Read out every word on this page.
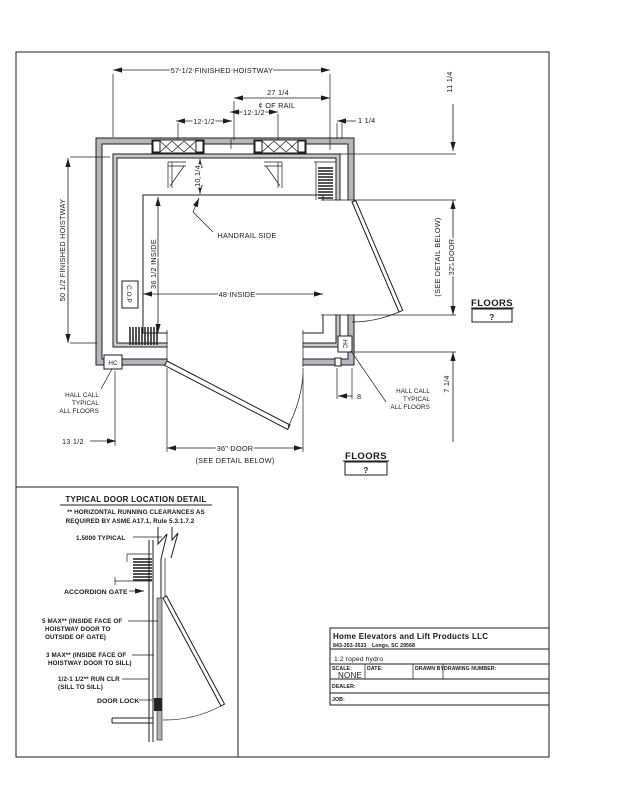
C.O.P
HC
HC
57 1/2 FINISHED HOISTWAY
27 1/4
¢ OF RAIL
12 1/2
12 1/2	1 1/4
11 1/4
50 1/2 FINISHED HOISTWAY	36 1/2 INSIDE
48 INSIDE
10 1/4
HANDRAIL SIDE	(SEE DETAIL BELOW) 32" DOOR
7 1/4
8
13 1/2
36" DOOR
(SEE DETAIL BELOW)
HALL CALL
TYPICAL
ALL FLOORS
HALL CALL
TYPICAL
ALL FLOORS
FLOORS
?
FLOORS
?
TYPICAL DOOR LOCATION DETAIL
** HORIZONTAL RUNNING CLEARANCES AS
REQUIRED BY ASME A17.1, Rule 5.3.1.7.2
1.5000 TYPICAL
ACCORDION GATE
5 MAX** (INSIDE FACE OF
HOISTWAY DOOR TO
OUTSIDE OF GATE)
3 MAX** (INSIDE FACE OF
HOISTWAY DOOR TO SILL)
1/2-1 1/2** RUN CLR
(SILL TO SILL)
DOOR LOCK
Home Elevators and Lift Products LLC
843-353-3533 Longs, SC 29568
1:2 roped hydro
SCALE:	DATE:	DRAWN BY:
DRAWING NUMBER:
NONE
DEALER:
JOB:
